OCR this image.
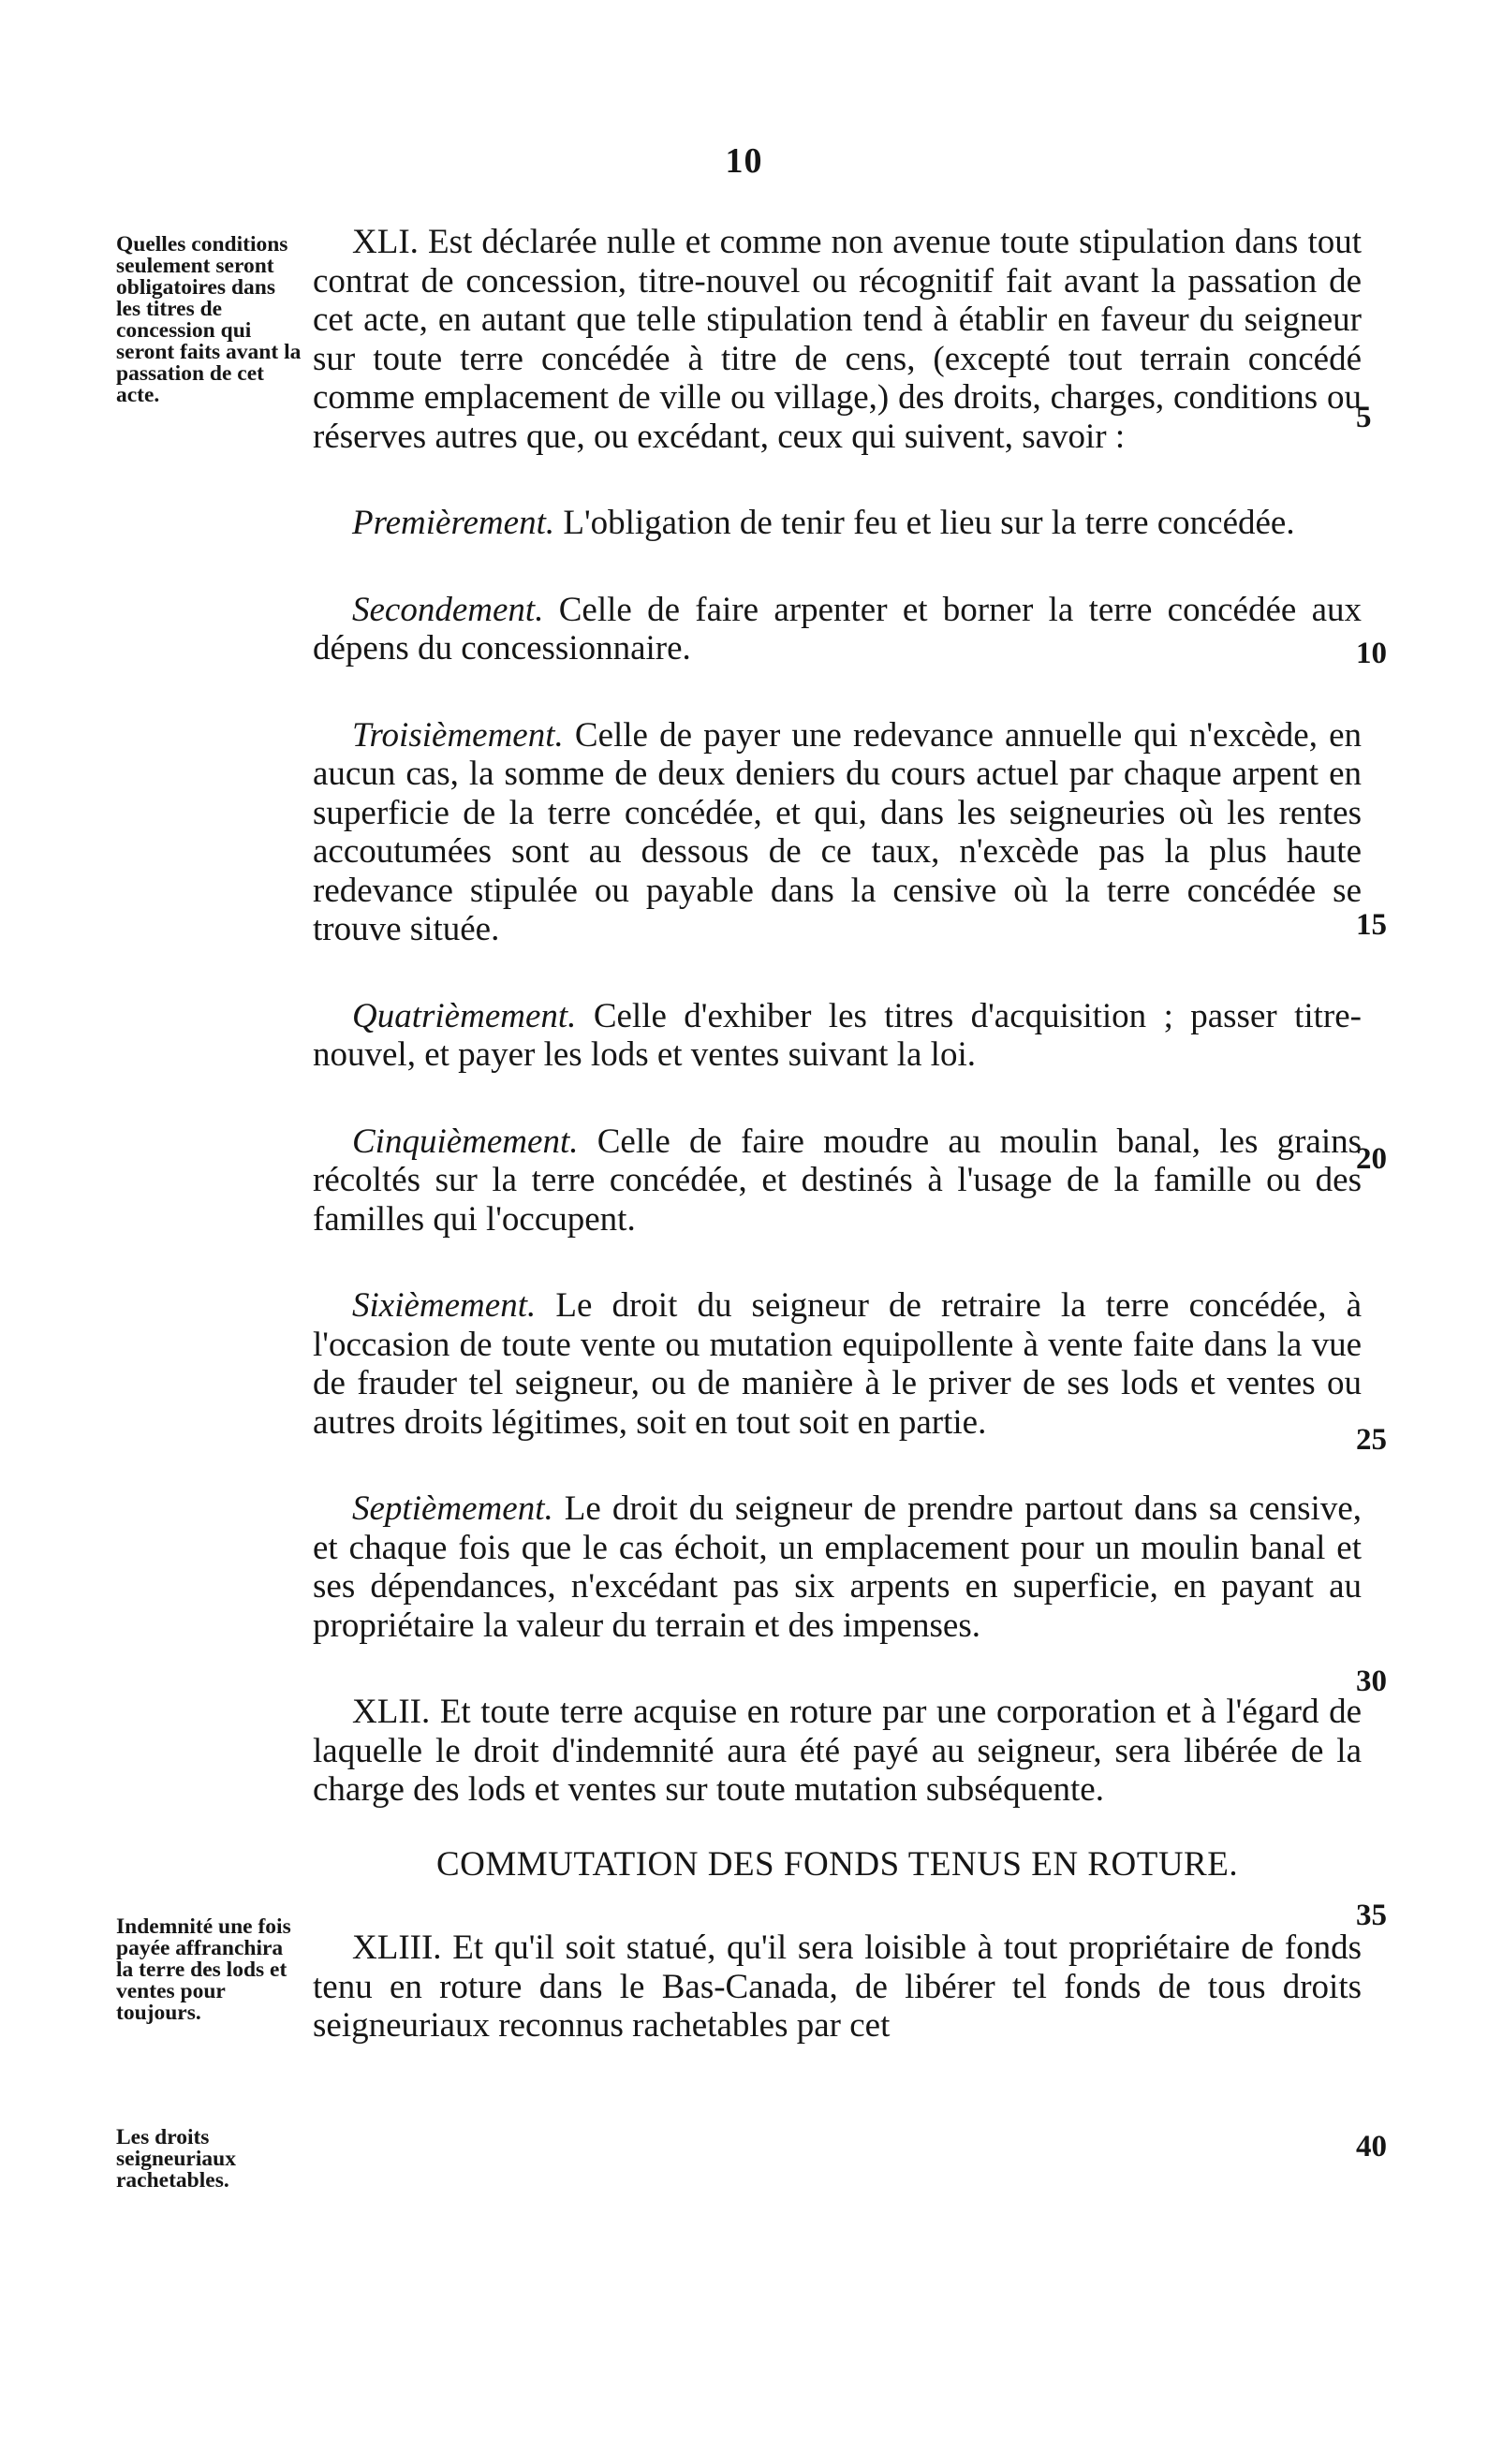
10
Quelles conditions seulement seront obligatoires dans les titres de concession qui seront faits avant la passation de cet acte.
Indemnité une fois payée affranchira la terre des lods et ventes pour toujours.
Les droits seigneuriaux rachetables.

XLI. Est déclarée nulle et comme non avenue toute stipulation dans tout contrat de concession, titre-nouvel ou récognitif fait avant la passation de cet acte, en autant que telle stipulation tend à établir en faveur du seigneur sur toute terre concédée à titre de cens, (excepté tout terrain concédé comme emplacement de ville ou village,) des droits, charges, conditions ou réserves autres que, ou excédant, ceux qui suivent, savoir :

Premièrement. L'obligation de tenir feu et lieu sur la terre concédée.

Secondement. Celle de faire arpenter et borner la terre concédée aux dépens du concessionnaire.

Troisièmement. Celle de payer une redevance annuelle qui n'excède, en aucun cas, la somme de deux deniers du cours actuel par chaque arpent en superficie de la terre concédée, et qui, dans les seigneuries où les rentes accoutumées sont au dessous de ce taux, n'excède pas la plus haute redevance stipulée ou payable dans la censive où la terre concédée se trouve située.

Quatrièmement. Celle d'exhiber les titres d'acquisition ; passer titre-nouvel, et payer les lods et ventes suivant la loi.

Cinquièmement. Celle de faire moudre au moulin banal, les grains récoltés sur la terre concédée, et destinés à l'usage de la famille ou des familles qui l'occupent.

Sixièmement. Le droit du seigneur de retraire la terre concédée, à l'occasion de toute vente ou mutation equipollente à vente faite dans la vue de frauder tel seigneur, ou de manière à le priver de ses lods et ventes ou autres droits légitimes, soit en tout soit en partie.

Septièmement. Le droit du seigneur de prendre partout dans sa censive, et chaque fois que le cas échoit, un emplacement pour un moulin banal et ses dépendances, n'excédant pas six arpents en superficie, en payant au propriétaire la valeur du terrain et des impenses.

XLII. Et toute terre acquise en roture par une corporation et à l'égard de laquelle le droit d'indemnité aura été payé au seigneur, sera libérée de la charge des lods et ventes sur toute mutation subséquente.

COMMUTATION DES FONDS TENUS EN ROTURE.

XLIII. Et qu'il soit statué, qu'il sera loisible à tout propriétaire de fonds tenu en roture dans le Bas-Canada, de libérer tel fonds de tous droits seigneuriaux reconnus rachetables par cet

5
10
15
20
25
30
35
40
